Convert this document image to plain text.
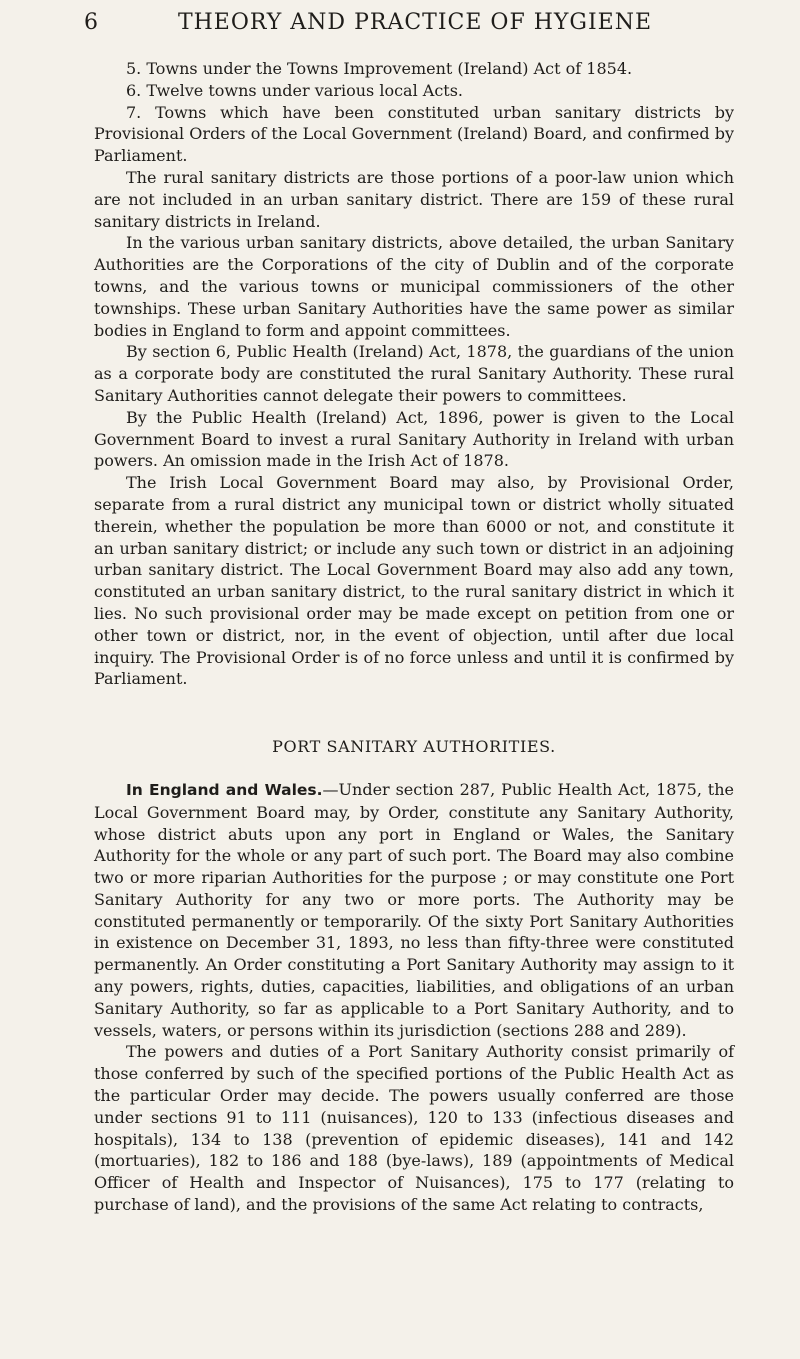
6	THEORY AND PRACTICE OF HYGIENE

5. Towns under the Towns Improvement (Ireland) Act of 1854.

6. Twelve towns under various local Acts.

7. Towns which have been constituted urban sanitary districts by Provisional Orders of the Local Government (Ireland) Board, and confirmed by Parliament.

The rural sanitary districts are those portions of a poor-law union which are not included in an urban sanitary district. There are 159 of these rural sanitary districts in Ireland.

In the various urban sanitary districts, above detailed, the urban Sanitary Authorities are the Corporations of the city of Dublin and of the corporate towns, and the various towns or municipal commissioners of the other townships. These urban Sanitary Authorities have the same power as similar bodies in England to form and appoint committees.

By section 6, Public Health (Ireland) Act, 1878, the guardians of the union as a corporate body are constituted the rural Sanitary Authority. These rural Sanitary Authorities cannot delegate their powers to committees.

By the Public Health (Ireland) Act, 1896, power is given to the Local Government Board to invest a rural Sanitary Authority in Ireland with urban powers. An omission made in the Irish Act of 1878.

The Irish Local Government Board may also, by Provisional Order, separate from a rural district any municipal town or district wholly situated therein, whether the population be more than 6000 or not, and constitute it an urban sanitary district; or include any such town or district in an adjoining urban sanitary district. The Local Government Board may also add any town, constituted an urban sanitary district, to the rural sanitary district in which it lies. No such provisional order may be made except on petition from one or other town or district, nor, in the event of objection, until after due local inquiry. The Provisional Order is of no force unless and until it is confirmed by Parliament.

PORT SANITARY AUTHORITIES.

In England and Wales.—Under section 287, Public Health Act, 1875, the Local Government Board may, by Order, constitute any Sanitary Authority, whose district abuts upon any port in England or Wales, the Sanitary Authority for the whole or any part of such port. The Board may also combine two or more riparian Authorities for the purpose ; or may constitute one Port Sanitary Authority for any two or more ports. The Authority may be constituted permanently or temporarily. Of the sixty Port Sanitary Authorities in existence on December 31, 1893, no less than fifty-three were constituted permanently. An Order constituting a Port Sanitary Authority may assign to it any powers, rights, duties, capacities, liabilities, and obligations of an urban Sanitary Authority, so far as applicable to a Port Sanitary Authority, and to vessels, waters, or persons within its jurisdiction (sections 288 and 289).

The powers and duties of a Port Sanitary Authority consist primarily of those conferred by such of the specified portions of the Public Health Act as the particular Order may decide. The powers usually conferred are those under sections 91 to 111 (nuisances), 120 to 133 (infectious diseases and hospitals), 134 to 138 (prevention of epidemic diseases), 141 and 142 (mortuaries), 182 to 186 and 188 (bye-laws), 189 (appointments of Medical Officer of Health and Inspector of Nuisances), 175 to 177 (relating to purchase of land), and the provisions of the same Act relating to contracts,
